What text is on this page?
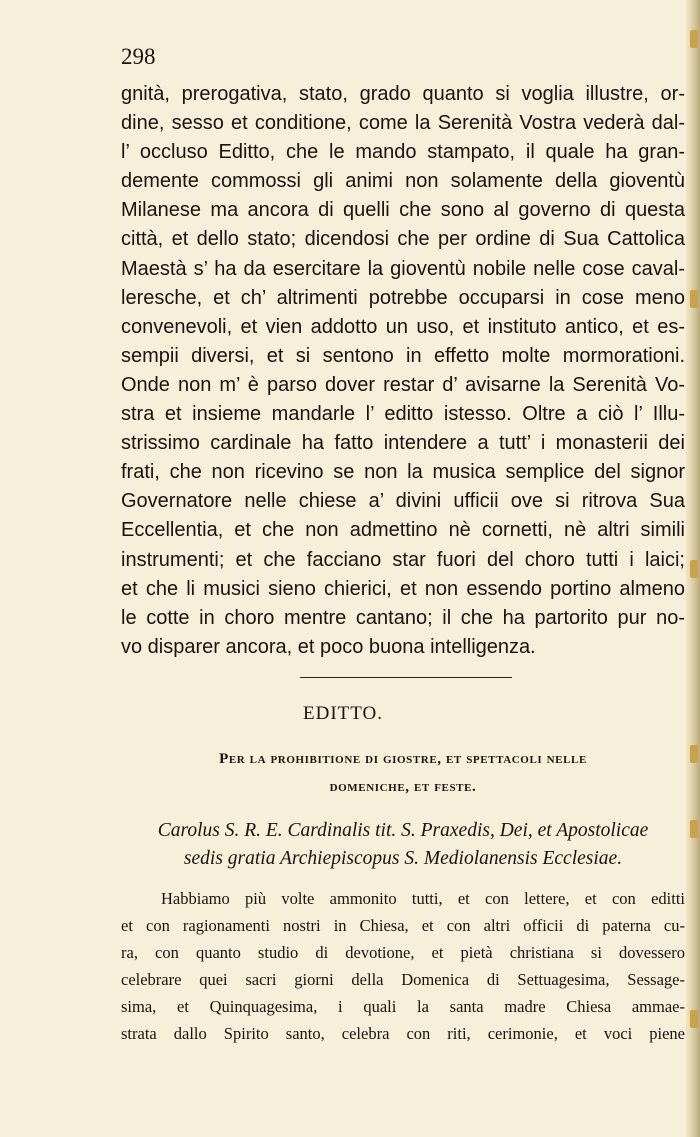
298
gnità, prerogativa, stato, grado quanto si voglia illustre, or-
dine, sesso et conditione, come la Serenità Vostra vederà dal-
l’ occluso Editto, che le mando stampato, il quale ha gran-
demente commossi gli animi non solamente della gioventù
Milanese ma ancora di quelli che sono al governo di questa
città, et dello stato; dicendosi che per ordine di Sua Cattolica
Maestà s’ ha da esercitare la gioventù nobile nelle cose caval-
leresche, et ch’ altrimenti potrebbe occuparsi in cose meno
convenevoli, et vien addotto un uso, et instituto antico, et es-
sempii diversi, et si sentono in effetto molte mormorationi.
Onde non m’ è parso dover restar d’ avisarne la Serenità Vo-
stra et insieme mandarle l’ editto istesso. Oltre a ciò l’ Illu-
strissimo cardinale ha fatto intendere a tutt’ i monasterii dei
frati, che non ricevino se non la musica semplice del signor
Governatore nelle chiese a’ divini ufficii ove si ritrova Sua
Eccellentia, et che non admettino nè cornetti, nè altri simili
instrumenti; et che facciano star fuori del choro tutti i laici;
et che li musici sieno chierici, et non essendo portino almeno
le cotte in choro mentre cantano; il che ha partorito pur no-
vo disparer ancora, et poco buona intelligenza.
EDITTO.
Per la prohibitione di giostre, et spettacoli nelle
domeniche, et feste.
Carolus S. R. E. Cardinalis tit. S. Praxedis, Dei, et Apostolicae
sedis gratia Archiepiscopus S. Mediolanensis Ecclesiae.
Habbiamo più volte ammonito tutti, et con lettere, et con editti
et con ragionamenti nostri in Chiesa, et con altri officii di paterna cu-
ra, con quanto studio di devotione, et pietà christiana si dovessero
celebrare quei sacri giorni della Domenica di Settuagesima, Sessage-
sima, et Quinquagesima, i quali la santa madre Chiesa ammae-
strata dallo Spirito santo, celebra con riti, cerimonie, et voci piene
